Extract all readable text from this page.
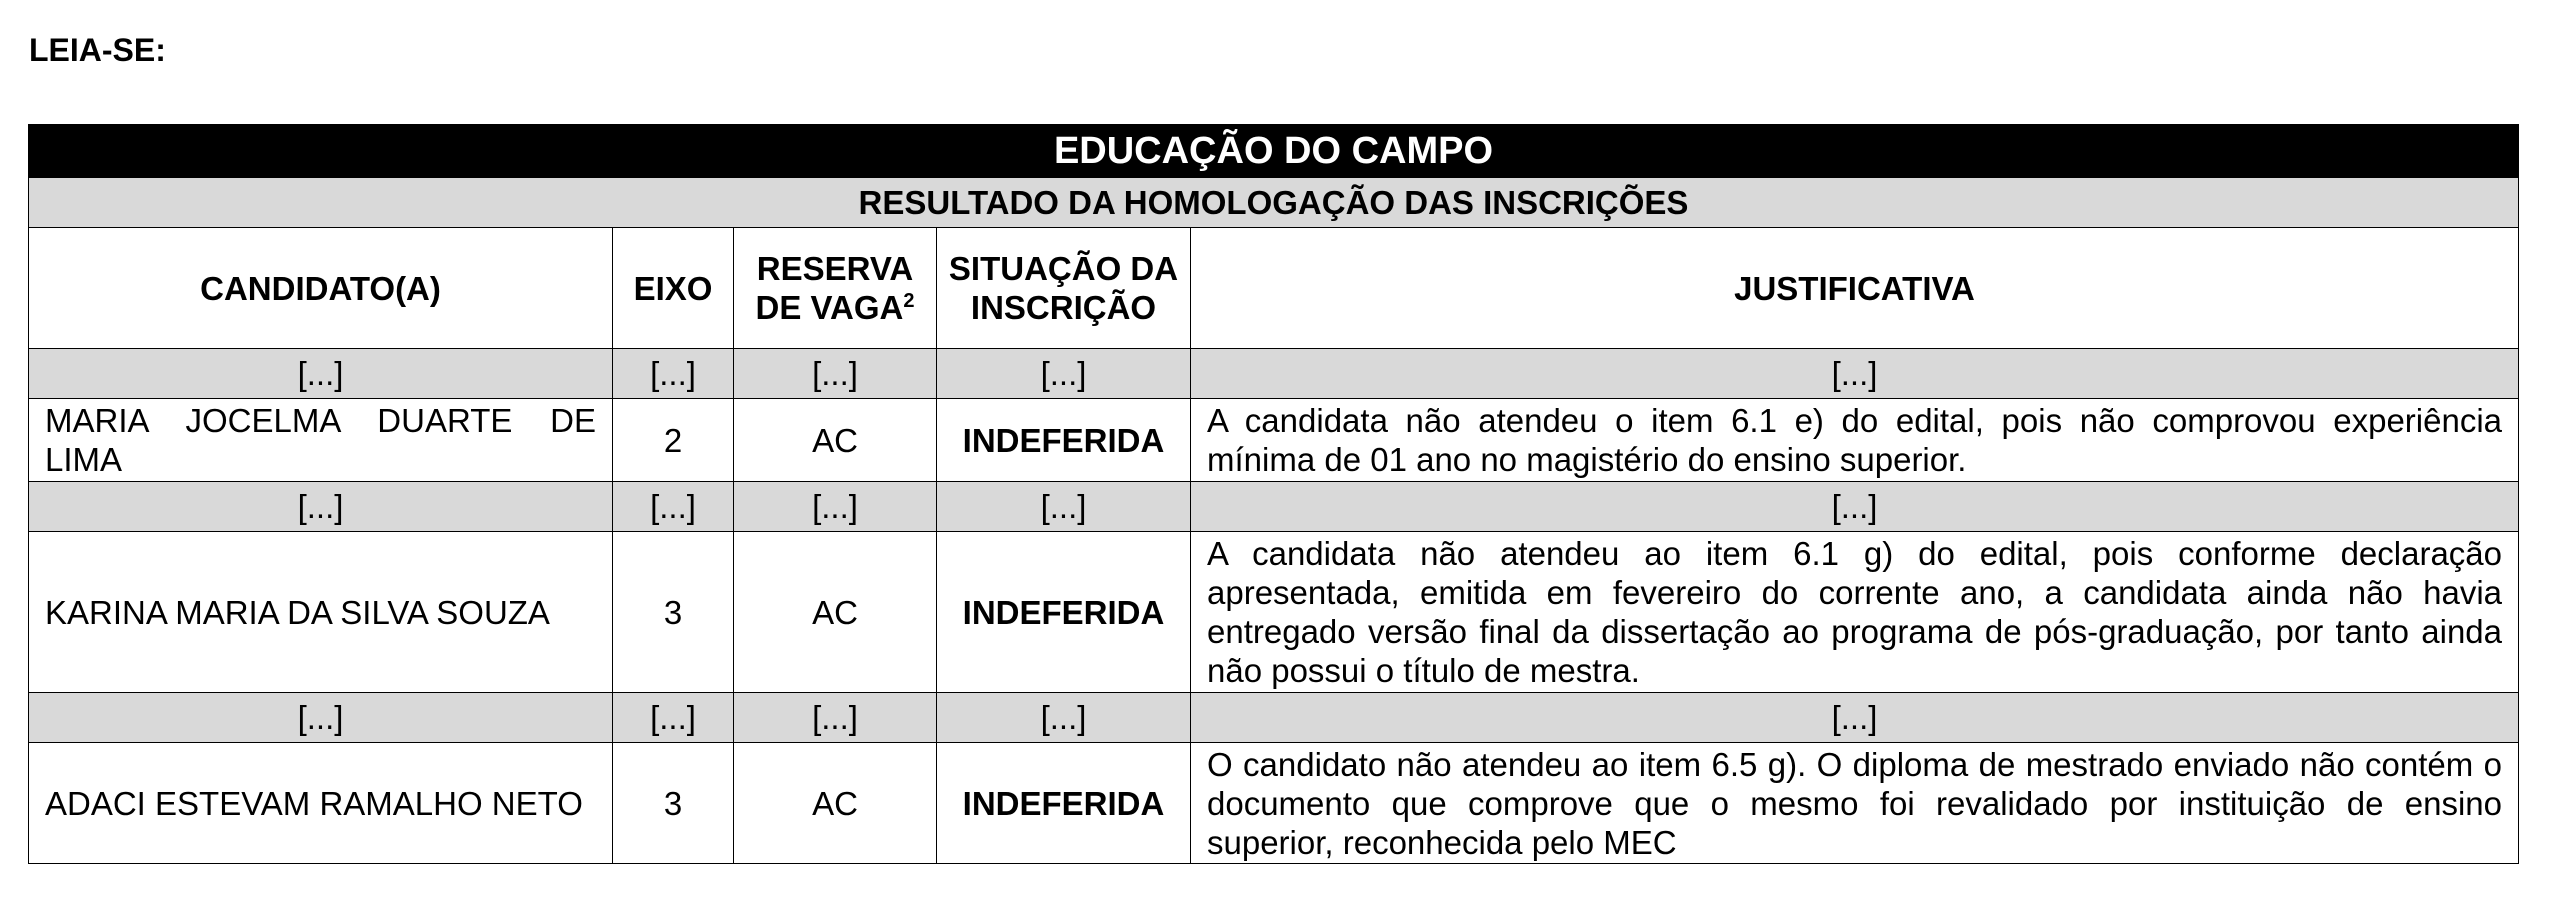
LEIA-SE:
EDUCAÇÃO DO CAMPO				
RESULTADO DA HOMOLOGAÇÃO DAS INSCRIÇÕES				
CANDIDATO(A)	EIXO	RESERVA DE VAGA$^2$	SITUAÇÃO DA INSCRIÇÃO	JUSTIFICATIVA
[...]	[...]	[...]	[...]	[...]
MARIA JOCELMA DUARTE DE LIMA	2	AC	INDEFERIDA	A candidata não atendeu o item 6.1 e) do edital, pois não comprovou experiência mínima de 01 ano no magistério do ensino superior.
[...]	[...]	[...]	[...]	[...]
KARINA MARIA DA SILVA SOUZA	3	AC	INDEFERIDA	A candidata não atendeu ao item 6.1 g) do edital, pois conforme declaração apresentada, emitida em fevereiro do corrente ano, a candidata ainda não havia entregado versão final da dissertação ao programa de pós-graduação, por tanto ainda não possui o título de mestra.
[...]	[...]	[...]	[...]	[...]
ADACI ESTEVAM RAMALHO NETO	3	AC	INDEFERIDA	O candidato não atendeu ao item 6.5 g). O diploma de mestrado enviado não contém o documento que comprove que o mesmo foi revalidado por instituição de ensino superior, reconhecida pelo MEC
